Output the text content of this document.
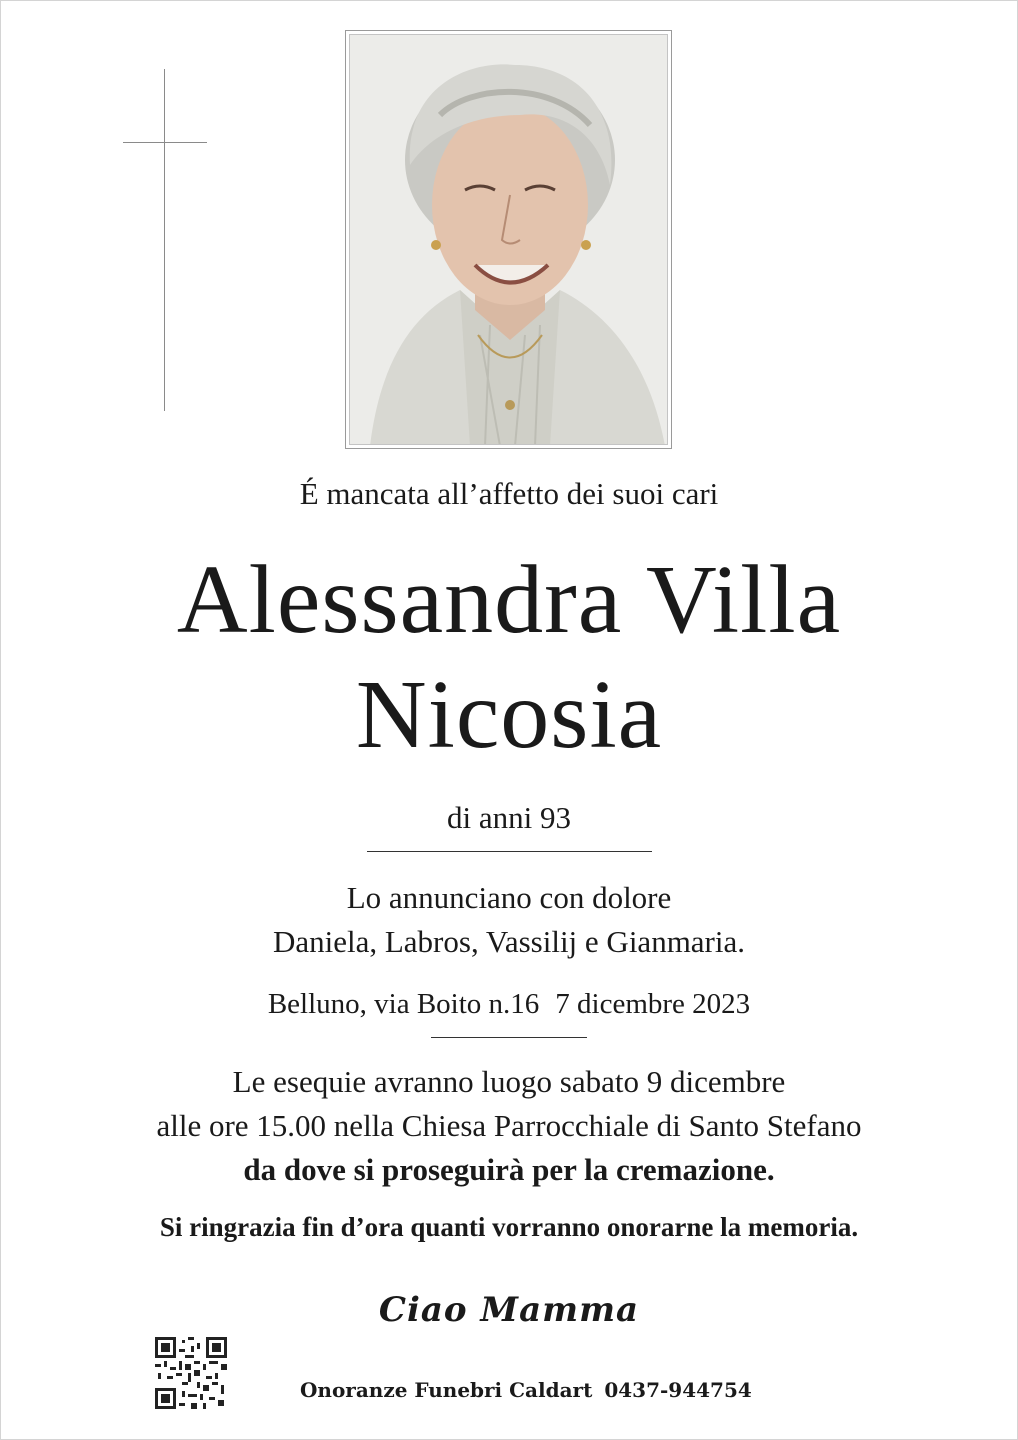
É mancata all’affetto dei suoi cari
Alessandra Villa
Nicosia
di anni 93
Lo annunciano con dolore
Daniela, Labros, Vassilij e Gianmaria.
Belluno, via Boito n.16 7 dicembre 2023
Le esequie avranno luogo sabato 9 dicembre
alle ore 15.00 nella Chiesa Parrocchiale di Santo Stefano
da dove si proseguirà per la cremazione.
Si ringrazia fin d’ora quanti vorranno onorarne la memoria.
Ciao Mamma
Onoranze Funebri Caldart 0437-944754
